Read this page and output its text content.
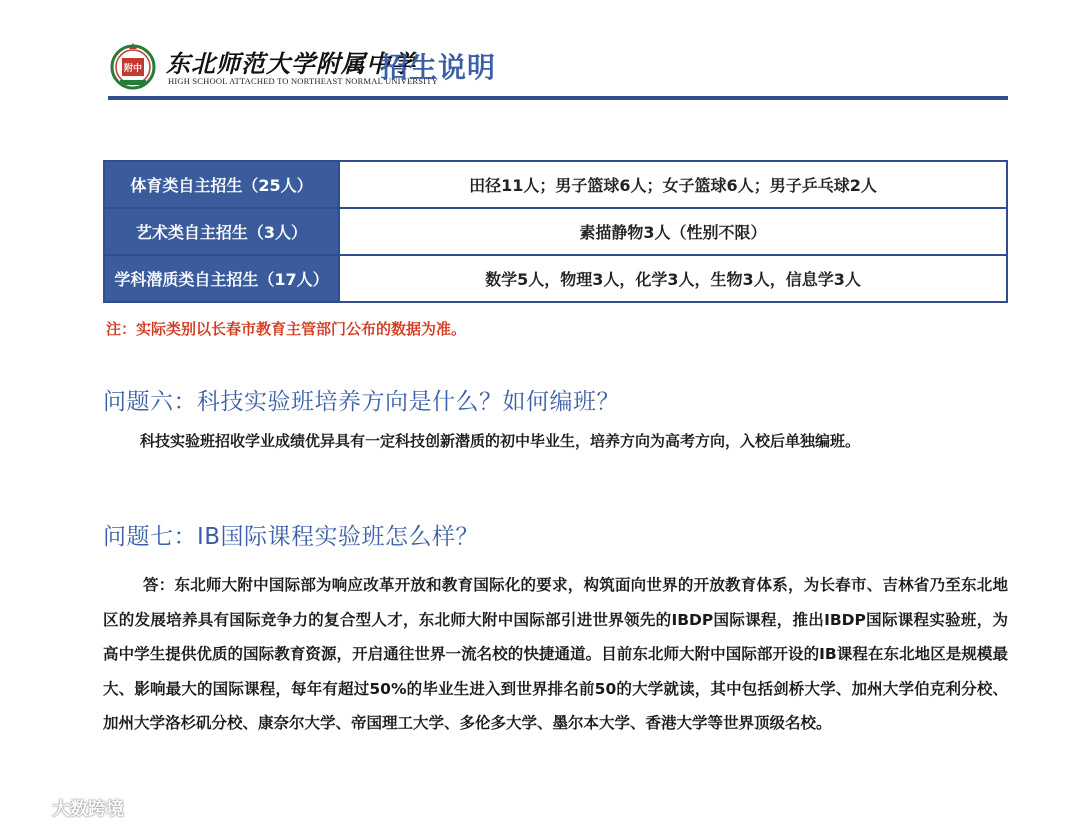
附中 东北师范大学附属中学
HIGH SCHOOL ATTACHED TO NORTHEAST NORMAL UNIVERSITY
招生说明
体育类自主招生（25人）	田径11人；男子篮球6人；女子篮球6人；男子乒乓球2人
艺术类自主招生（3人）	素描静物3人（性别不限）
学科潜质类自主招生（17人）	数学5人，物理3人，化学3人，生物3人，信息学3人
注：实际类别以长春市教育主管部门公布的数据为准。
问题六：科技实验班培养方向是什么？如何编班？
科技实验班招收学业成绩优异具有一定科技创新潜质的初中毕业生，培养方向为高考方向，入校后单独编班。
问题七：IB国际课程实验班怎么样？
答：东北师大附中国际部为响应改革开放和教育国际化的要求，构筑面向世界的开放教育体系，为长春市、吉林省乃至东北地区的发展培养具有国际竞争力的复合型人才，东北师大附中国际部引进世界领先的IBDP国际课程，推出IBDP国际课程实验班，为高中学生提供优质的国际教育资源，开启通往世界一流名校的快捷通道。目前东北师大附中国际部开设的IB课程在东北地区是规模最大、影响最大的国际课程，每年有超过50%的毕业生进入到世界排名前50的大学就读，其中包括剑桥大学、加州大学伯克利分校、加州大学洛杉矶分校、康奈尔大学、帝国理工大学、多伦多大学、墨尔本大学、香港大学等世界顶级名校。
大数跨境
